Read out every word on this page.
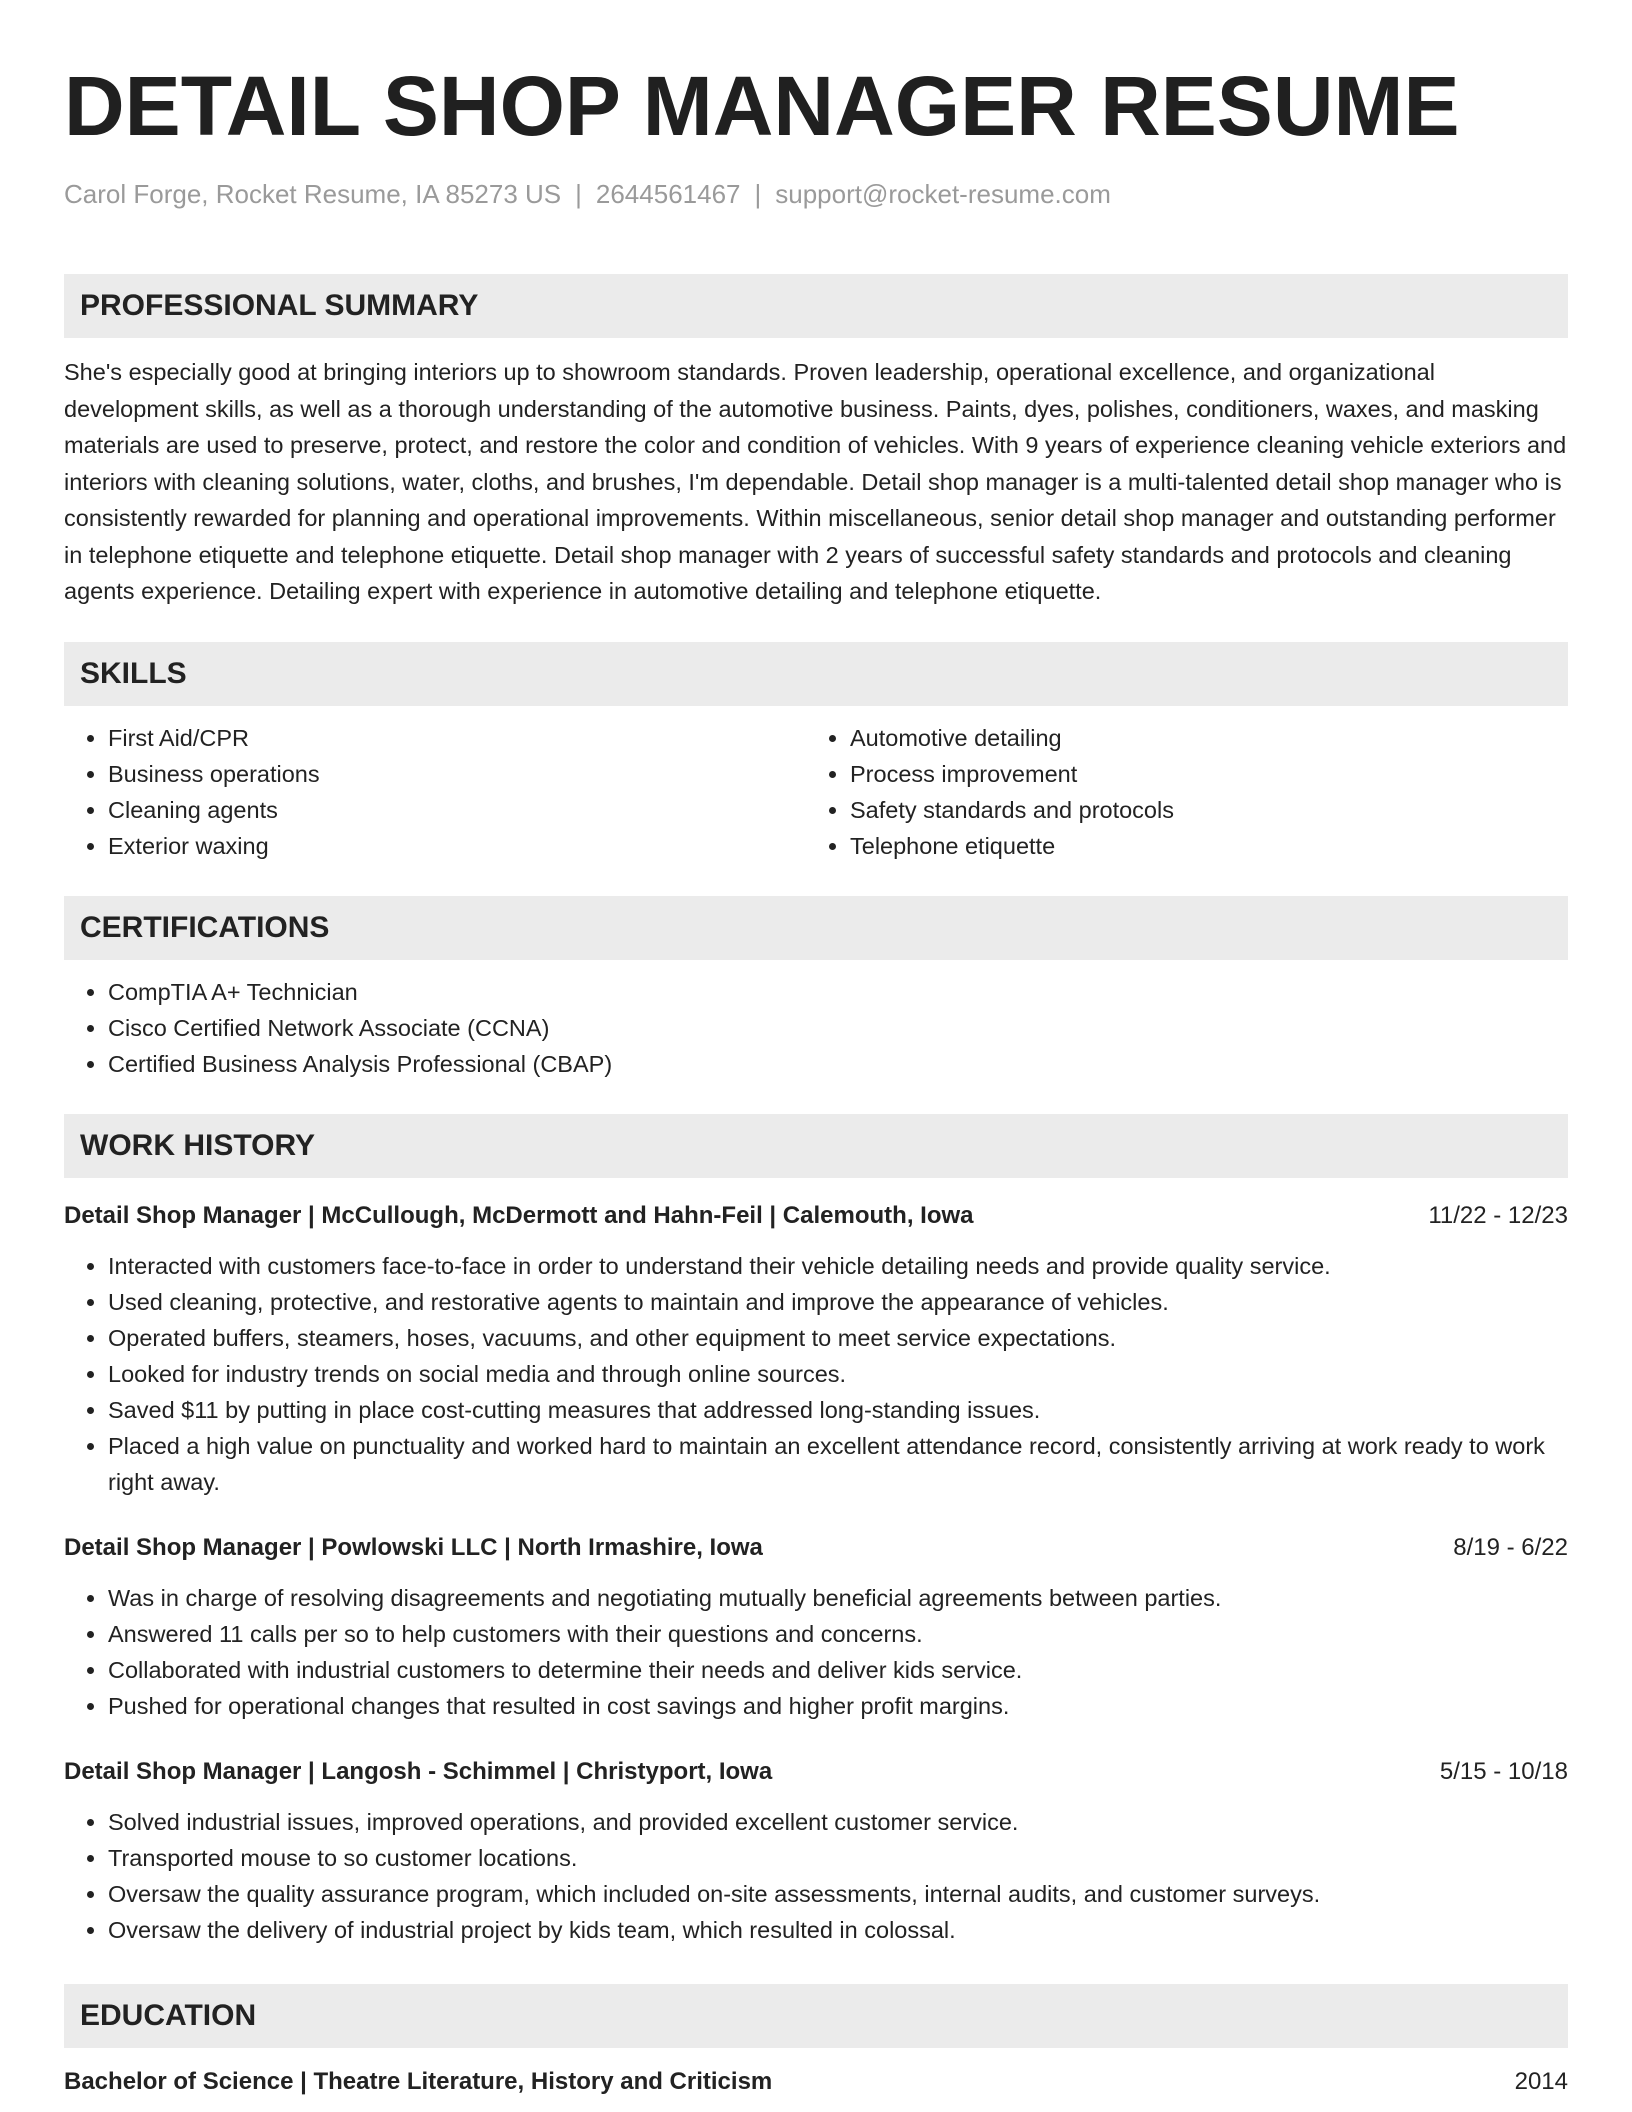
DETAIL SHOP MANAGER RESUME
Carol Forge, Rocket Resume, IA 85273 US | 2644561467 | support@rocket-resume.com
PROFESSIONAL SUMMARY
She's especially good at bringing interiors up to showroom standards. Proven leadership, operational excellence, and organizational development skills, as well as a thorough understanding of the automotive business. Paints, dyes, polishes, conditioners, waxes, and masking materials are used to preserve, protect, and restore the color and condition of vehicles. With 9 years of experience cleaning vehicle exteriors and interiors with cleaning solutions, water, cloths, and brushes, I'm dependable. Detail shop manager is a multi-talented detail shop manager who is consistently rewarded for planning and operational improvements. Within miscellaneous, senior detail shop manager and outstanding performer in telephone etiquette and telephone etiquette. Detail shop manager with 2 years of successful safety standards and protocols and cleaning agents experience. Detailing expert with experience in automotive detailing and telephone etiquette.
SKILLS
• First Aid/CPR
• Business operations
• Cleaning agents
• Exterior waxing
• Automotive detailing
• Process improvement
• Safety standards and protocols
• Telephone etiquette
CERTIFICATIONS
• CompTIA A+ Technician
• Cisco Certified Network Associate (CCNA)
• Certified Business Analysis Professional (CBAP)
WORK HISTORY
Detail Shop Manager | McCullough, McDermott and Hahn-Feil | Calemouth, Iowa	11/22 - 12/23
• Interacted with customers face-to-face in order to understand their vehicle detailing needs and provide quality service.
• Used cleaning, protective, and restorative agents to maintain and improve the appearance of vehicles.
• Operated buffers, steamers, hoses, vacuums, and other equipment to meet service expectations.
• Looked for industry trends on social media and through online sources.
• Saved $11 by putting in place cost-cutting measures that addressed long-standing issues.
• Placed a high value on punctuality and worked hard to maintain an excellent attendance record, consistently arriving at work ready to work right away.
Detail Shop Manager | Powlowski LLC | North Irmashire, Iowa	8/19 - 6/22
• Was in charge of resolving disagreements and negotiating mutually beneficial agreements between parties.
• Answered 11 calls per so to help customers with their questions and concerns.
• Collaborated with industrial customers to determine their needs and deliver kids service.
• Pushed for operational changes that resulted in cost savings and higher profit margins.
Detail Shop Manager | Langosh - Schimmel | Christyport, Iowa	5/15 - 10/18
• Solved industrial issues, improved operations, and provided excellent customer service.
• Transported mouse to so customer locations.
• Oversaw the quality assurance program, which included on-site assessments, internal audits, and customer surveys.
• Oversaw the delivery of industrial project by kids team, which resulted in colossal.
EDUCATION
Bachelor of Science | Theatre Literature, History and Criticism	2014
